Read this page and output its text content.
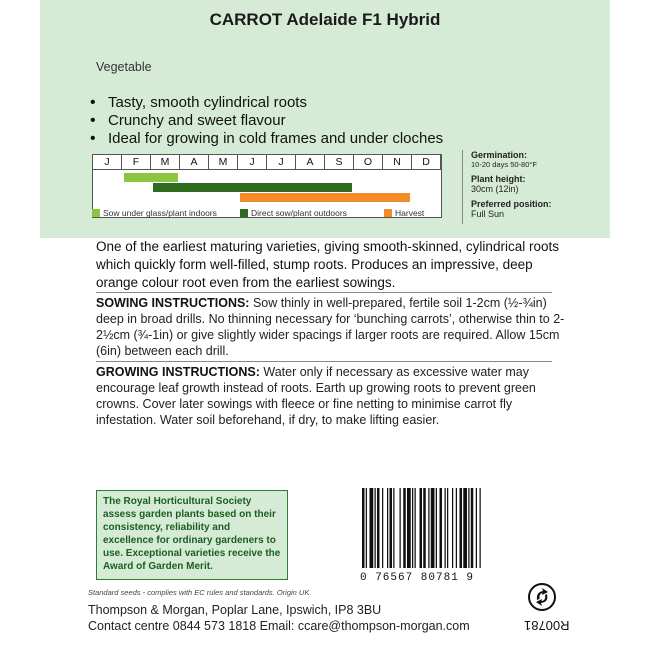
CARROT Adelaide F1 Hybrid
Vegetable
• Tasty, smooth cylindrical roots
• Crunchy and sweet flavour
• Ideal for growing in cold frames and under cloches
J	F	M	A	M	J	J	A	S	O	N	D
Sow under glass/plant indoors	Direct sow/plant outdoors	Harvest
Germination:
10-20 days 50-80°F
Plant height:
30cm (12in)
Preferred position:
Full Sun
One of the earliest maturing varieties, giving smooth-skinned, cylindrical roots which quickly form well-filled, stump roots. Produces an impressive, deep orange colour root even from the earliest sowings.
SOWING INSTRUCTIONS: Sow thinly in well-prepared, fertile soil 1-2cm (½-¾in) deep in broad drills. No thinning necessary for ‘bunching carrots’, otherwise thin to 2-2½cm (¾-1in) or give slightly wider spacings if larger roots are required. Allow 15cm (6in) between each drill.
GROWING INSTRUCTIONS: Water only if necessary as excessive water may encourage leaf growth instead of roots. Earth up growing roots to prevent green crowns. Cover later sowings with fleece or fine netting to minimise carrot fly infestation. Water soil beforehand, if dry, to make lifting easier.
The Royal Horticultural Society assess garden plants based on their consistency, reliability and excellence for ordinary gardeners to use. Exceptional varieties receive the Award of Garden Merit.
0 76567 80781 9
Standard seeds - complies with EC rules and standards. Origin UK.
Thompson & Morgan, Poplar Lane, Ipswich, IP8 3BU
Contact centre 0844 573 1818 Email: ccare@thompson-morgan.com	R00781
